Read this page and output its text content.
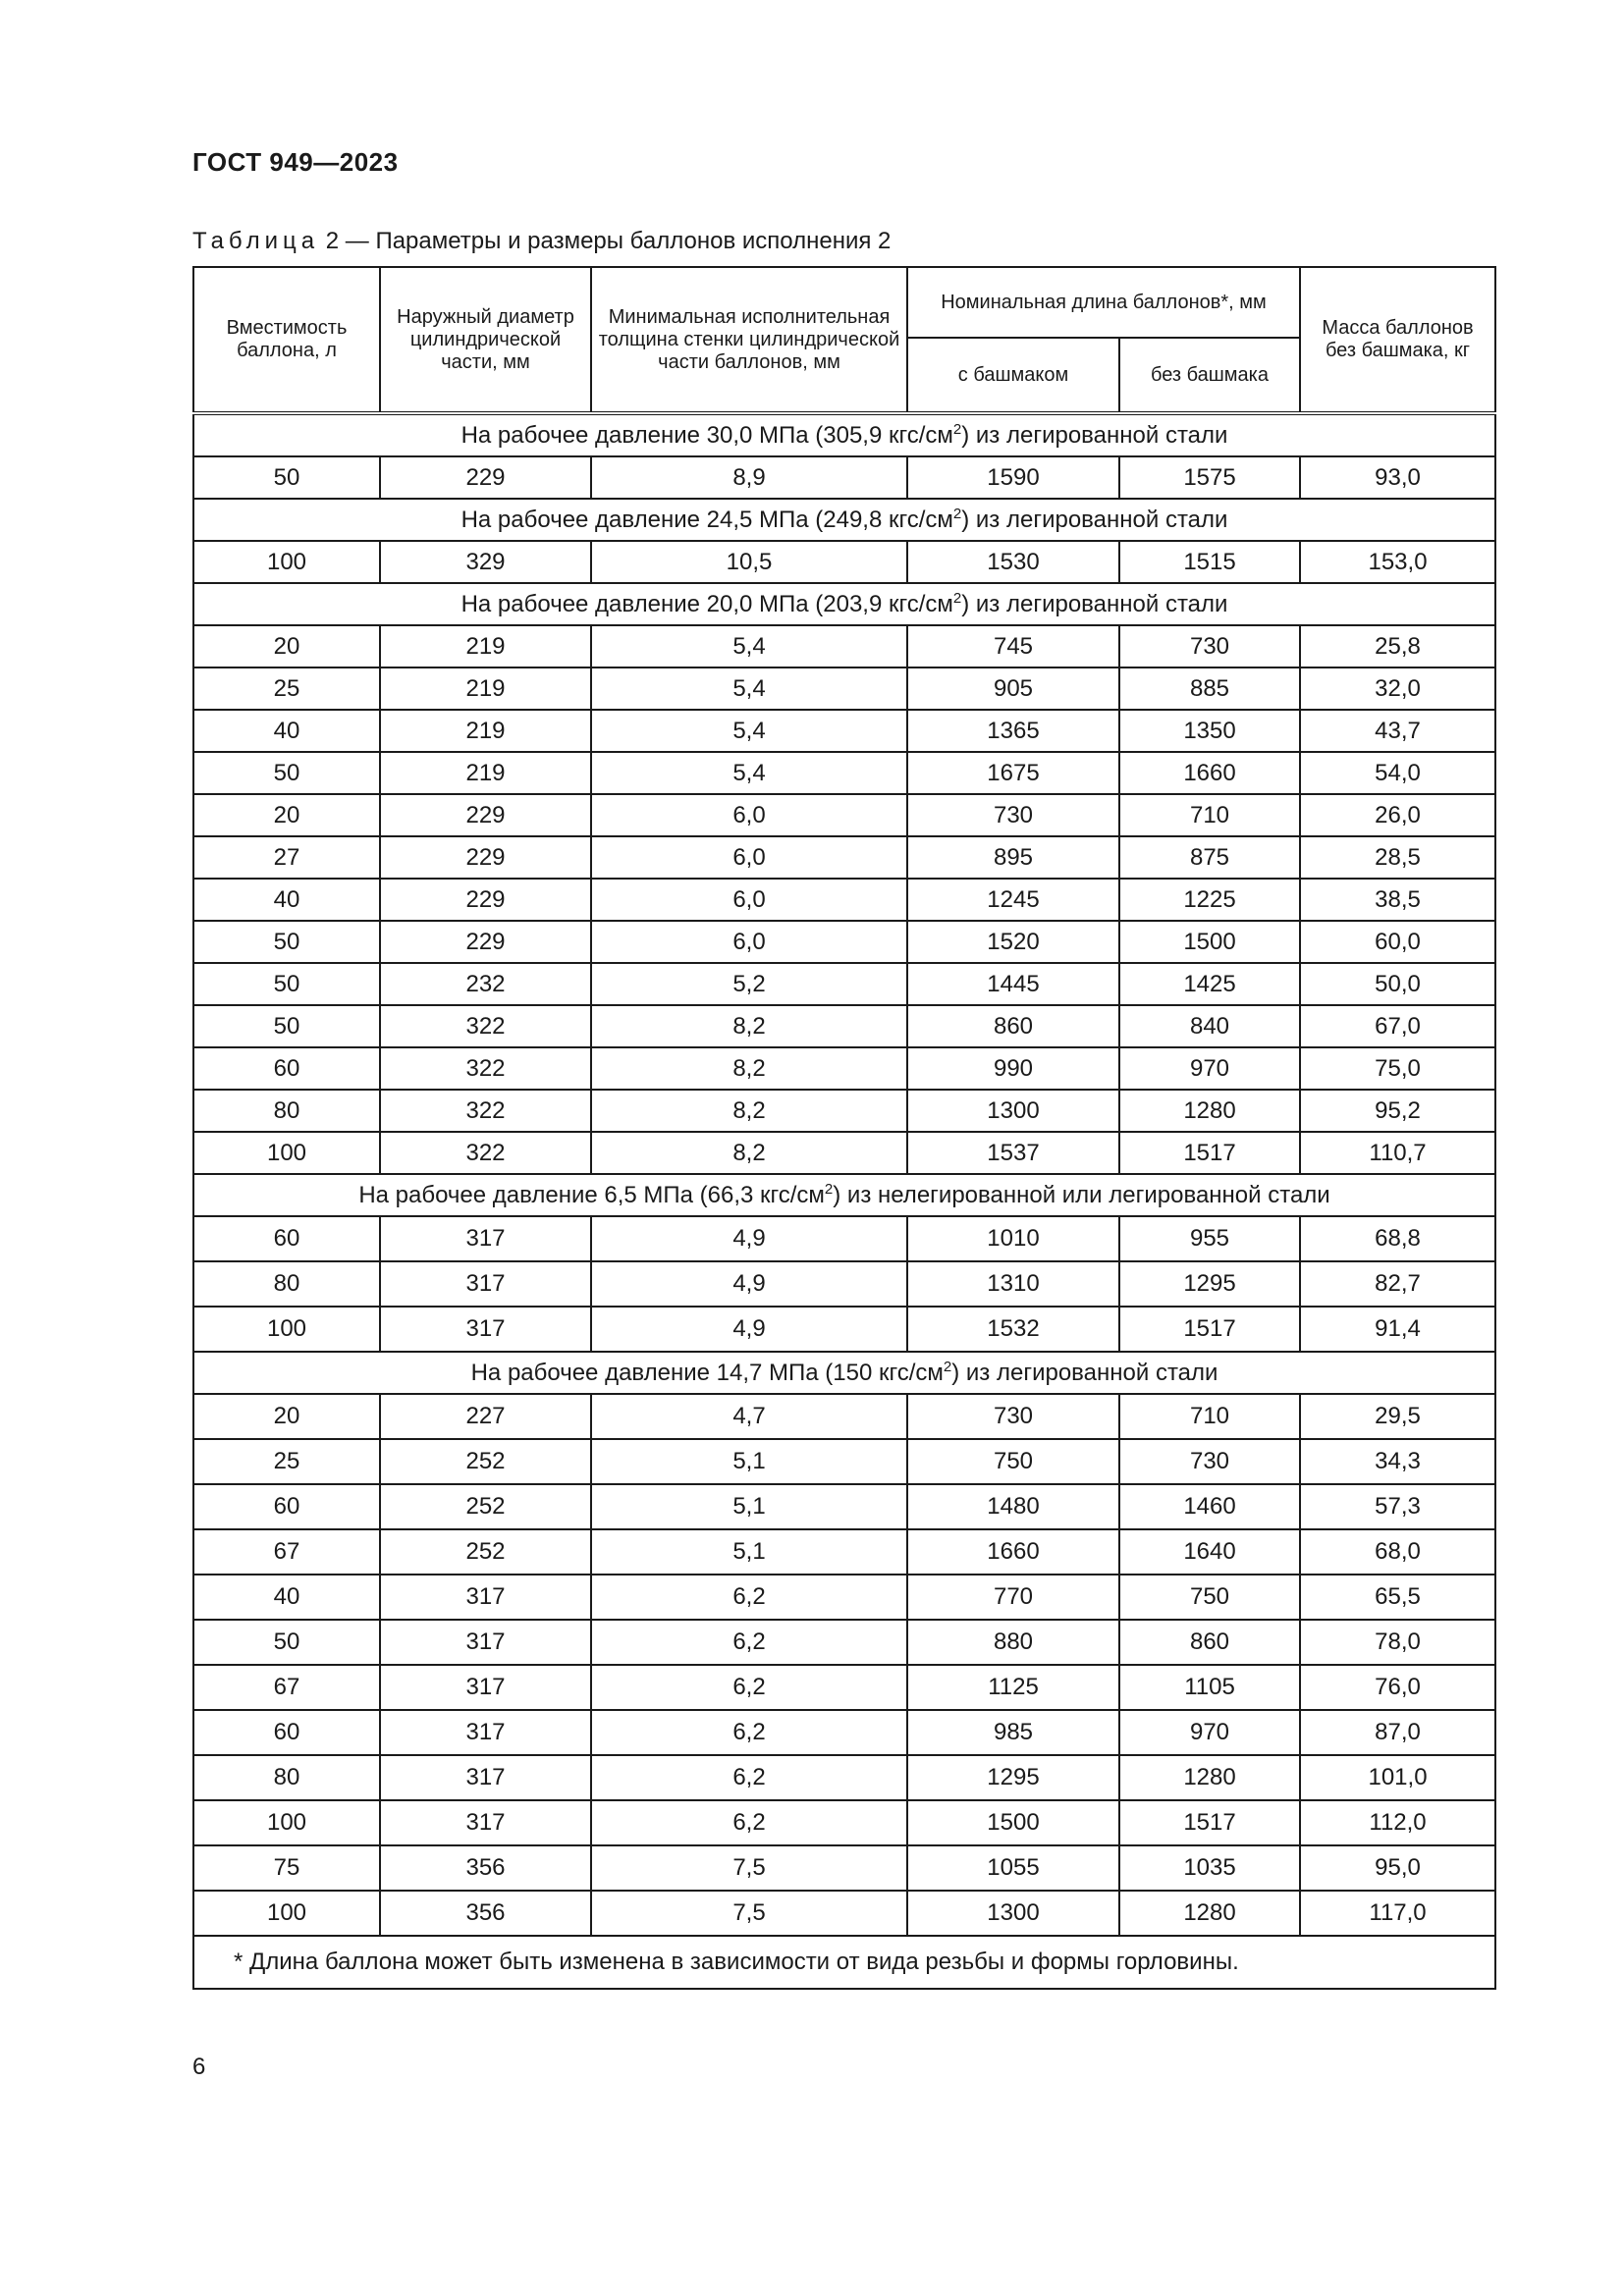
ГОСТ 949—2023
Таблица 2 — Параметры и размеры баллонов исполнения 2
Вместимость баллона, л	Наружный диаметр цилиндрической части, мм	Минимальная исполнительная толщина стенки цилиндрической части баллонов, мм	Номинальная длина баллонов*, мм		Масса баллонов без башмака, кг
			с башмаком	без башмака	
На рабочее давление 30,0 МПа (305,9 кгс/$см^2$) из легированной стали					
50	229	8,9	1590	1575	93,0
На рабочее давление 24,5 МПа (249,8 кгс/$см^2$) из легированной стали					
100	329	10,5	1530	1515	153,0
На рабочее давление 20,0 МПа (203,9 кгс/$см^2$) из легированной стали					
20	219	5,4	745	730	25,8
25	219	5,4	905	885	32,0
40	219	5,4	1365	1350	43,7
50	219	5,4	1675	1660	54,0
20	229	6,0	730	710	26,0
27	229	6,0	895	875	28,5
40	229	6,0	1245	1225	38,5
50	229	6,0	1520	1500	60,0
50	232	5,2	1445	1425	50,0
50	322	8,2	860	840	67,0
60	322	8,2	990	970	75,0
80	322	8,2	1300	1280	95,2
100	322	8,2	1537	1517	110,7
На рабочее давление 6,5 МПа (66,3 кгс/$см^2$) из нелегированной или легированной стали					
60	317	4,9	1010	955	68,8
80	317	4,9	1310	1295	82,7
100	317	4,9	1532	1517	91,4
На рабочее давление 14,7 МПа (150 кгс/$см^2$) из легированной стали					
20	227	4,7	730	710	29,5
25	252	5,1	750	730	34,3
60	252	5,1	1480	1460	57,3
67	252	5,1	1660	1640	68,0
40	317	6,2	770	750	65,5
50	317	6,2	880	860	78,0
67	317	6,2	1125	1105	76,0
60	317	6,2	985	970	87,0
80	317	6,2	1295	1280	101,0
100	317	6,2	1500	1517	112,0
75	356	7,5	1055	1035	95,0
100	356	7,5	1300	1280	117,0
* Длина баллона может быть изменена в зависимости от вида резьбы и формы горловины.					
6
